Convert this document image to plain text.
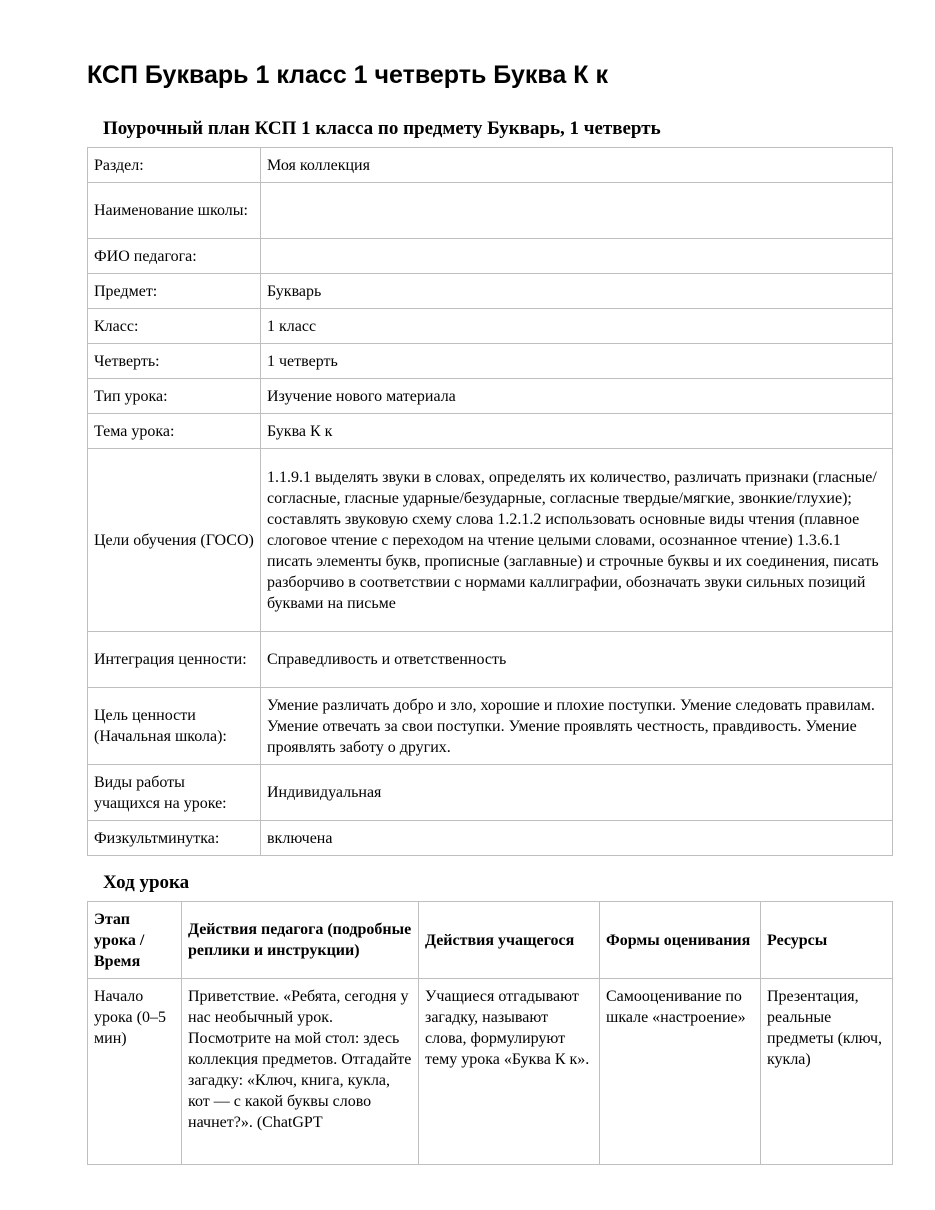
КСП Букварь 1 класс 1 четверть Буква К к
Поурочный план КСП 1 класса по предмету Букварь, 1 четверть
Раздел:	Моя коллекция
Наименование школы:	
ФИО педагога:	
Предмет:	Букварь
Класс:	1 класс
Четверть:	1 четверть
Тип урока:	Изучение нового материала
Тема урока:	Буква К к
Цели обучения (ГОСО)	1.1.9.1 выделять звуки в словах, определять их количество, различать признаки (гласные/ согласные, гласные ударные/безударные, согласные твердые/мягкие, звонкие/глухие); составлять звуковую схему слова 1.2.1.2 использовать основные виды чтения (плавное слоговое чтение с переходом на чтение целыми словами, осознанное чтение) 1.3.6.1 писать элементы букв, прописные (заглавные) и строчные буквы и их соединения, писать разборчиво в соответствии с нормами каллиграфии, обозначать звуки сильных позиций буквами на письме
Интеграция ценности:	Справедливость и ответственность
Цель ценности (Начальная школа):	Умение различать добро и зло, хорошие и плохие поступки. Умение следовать правилам. Умение отвечать за свои поступки. Умение проявлять честность, правдивость. Умение проявлять заботу о других.
Виды работы учащихся на уроке:	Индивидуальная
Физкультминутка:	включена
Ход урока
Этап урока / Время	Действия педагога (подробные реплики и инструкции)	Действия учащегося	Формы оценивания	Ресурсы
Начало урока (0–5 мин)	Приветствие. «Ребята, сегодня у нас необычный урок. Посмотрите на мой стол: здесь коллекция предметов. Отгадайте загадку: «Ключ, книга, кукла, кот — с какой буквы слово начнет?». (ChatGPT	Учащиеся отгадывают загадку, называют слова, формулируют тему урока «Буква К к».	Самооценивание по шкале «настроение»	Презентация, реальные предметы (ключ, кукла)
